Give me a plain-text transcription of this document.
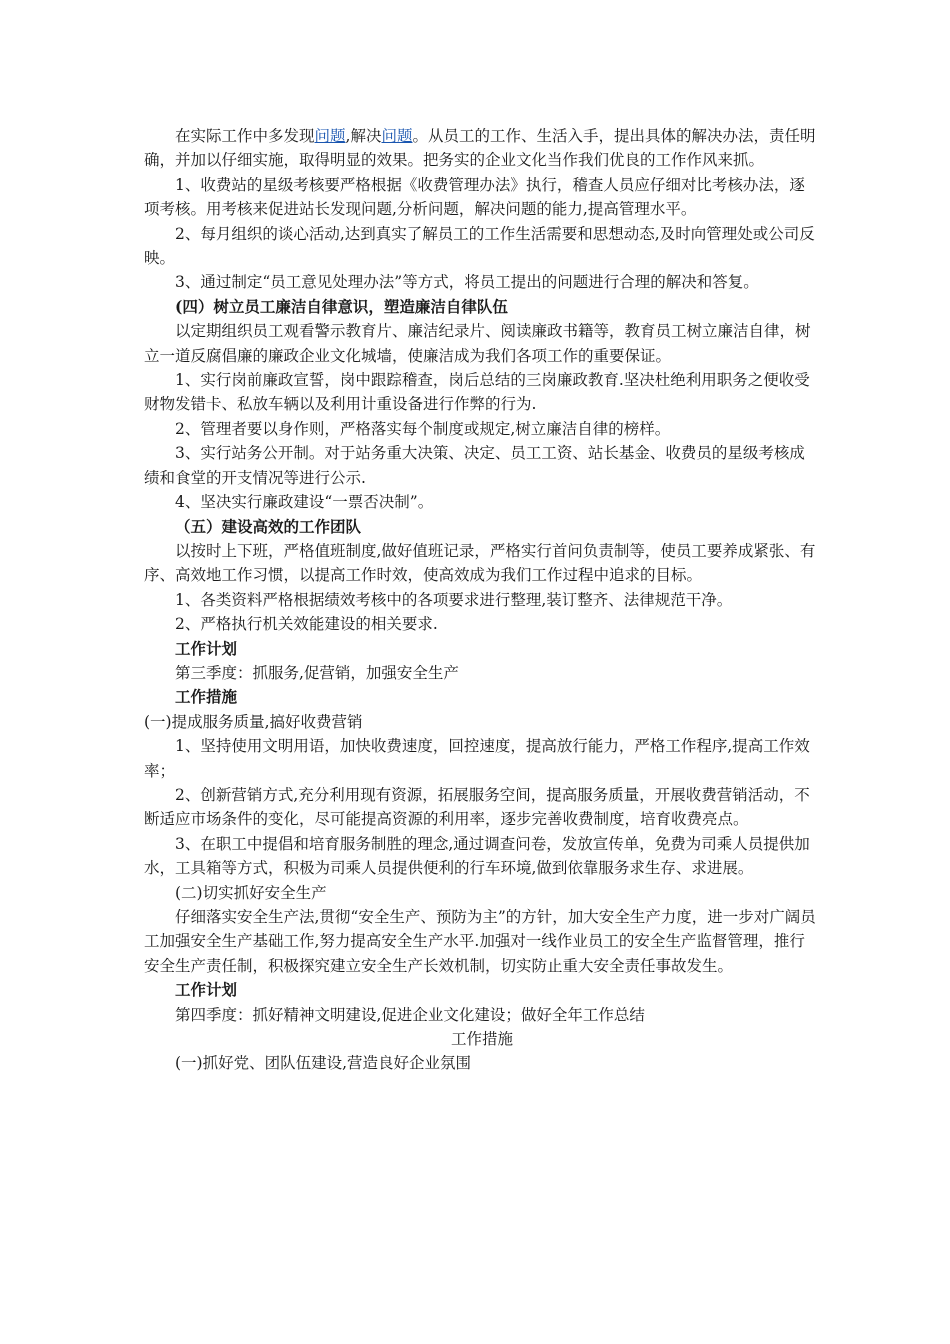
在实际工作中多发现问题,解决问题。从员工的工作、生活入手，提出具体的解决办法，责任明确，并加以仔细实施，取得明显的效果。把务实的企业文化当作我们优良的工作作风来抓。

1、收费站的星级考核要严格根据《收费管理办法》执行，稽查人员应仔细对比考核办法，逐项考核。用考核来促进站长发现问题,分析问题，解决问题的能力,提高管理水平。

2、每月组织的谈心活动,达到真实了解员工的工作生活需要和思想动态,及时向管理处或公司反映。

3、通过制定“员工意见处理办法”等方式，将员工提出的问题进行合理的解决和答复。

(四）树立员工廉洁自律意识，塑造廉洁自律队伍

以定期组织员工观看警示教育片、廉洁纪录片、阅读廉政书籍等，教育员工树立廉洁自律，树立一道反腐倡廉的廉政企业文化城墙，使廉洁成为我们各项工作的重要保证。

1、实行岗前廉政宣誓，岗中跟踪稽查，岗后总结的三岗廉政教育.坚决杜绝利用职务之便收受财物发错卡、私放车辆以及利用计重设备进行作弊的行为.

2、管理者要以身作则，严格落实每个制度或规定,树立廉洁自律的榜样。

3、实行站务公开制。对于站务重大决策、决定、员工工资、站长基金、收费员的星级考核成绩和食堂的开支情况等进行公示.

4、坚决实行廉政建设“一票否决制”。

（五）建设高效的工作团队

以按时上下班，严格值班制度,做好值班记录，严格实行首问负责制等，使员工要养成紧张、有序、高效地工作习惯，以提高工作时效，使高效成为我们工作过程中追求的目标。

1、各类资料严格根据绩效考核中的各项要求进行整理,装订整齐、法律规范干净。

2、严格执行机关效能建设的相关要求.

工作计划

第三季度：抓服务,促营销，加强安全生产

工作措施

(一)提成服务质量,搞好收费营销

1、坚持使用文明用语，加快收费速度，回控速度，提高放行能力，严格工作程序,提高工作效率；

2、创新营销方式,充分利用现有资源，拓展服务空间，提高服务质量，开展收费营销活动，不断适应市场条件的变化，尽可能提高资源的利用率，逐步完善收费制度，培育收费亮点。

3、在职工中提倡和培育服务制胜的理念,通过调查问卷，发放宣传单，免费为司乘人员提供加水，工具箱等方式，积极为司乘人员提供便利的行车环境,做到依靠服务求生存、求进展。

(二)切实抓好安全生产

仔细落实安全生产法,贯彻“安全生产、预防为主”的方针，加大安全生产力度，进一步对广阔员工加强安全生产基础工作,努力提高安全生产水平.加强对一线作业员工的安全生产监督管理，推行安全生产责任制，积极探究建立安全生产长效机制，切实防止重大安全责任事故发生。

工作计划

第四季度：抓好精神文明建设,促进企业文化建设；做好全年工作总结

工作措施

(一)抓好党、团队伍建设,营造良好企业氛围
